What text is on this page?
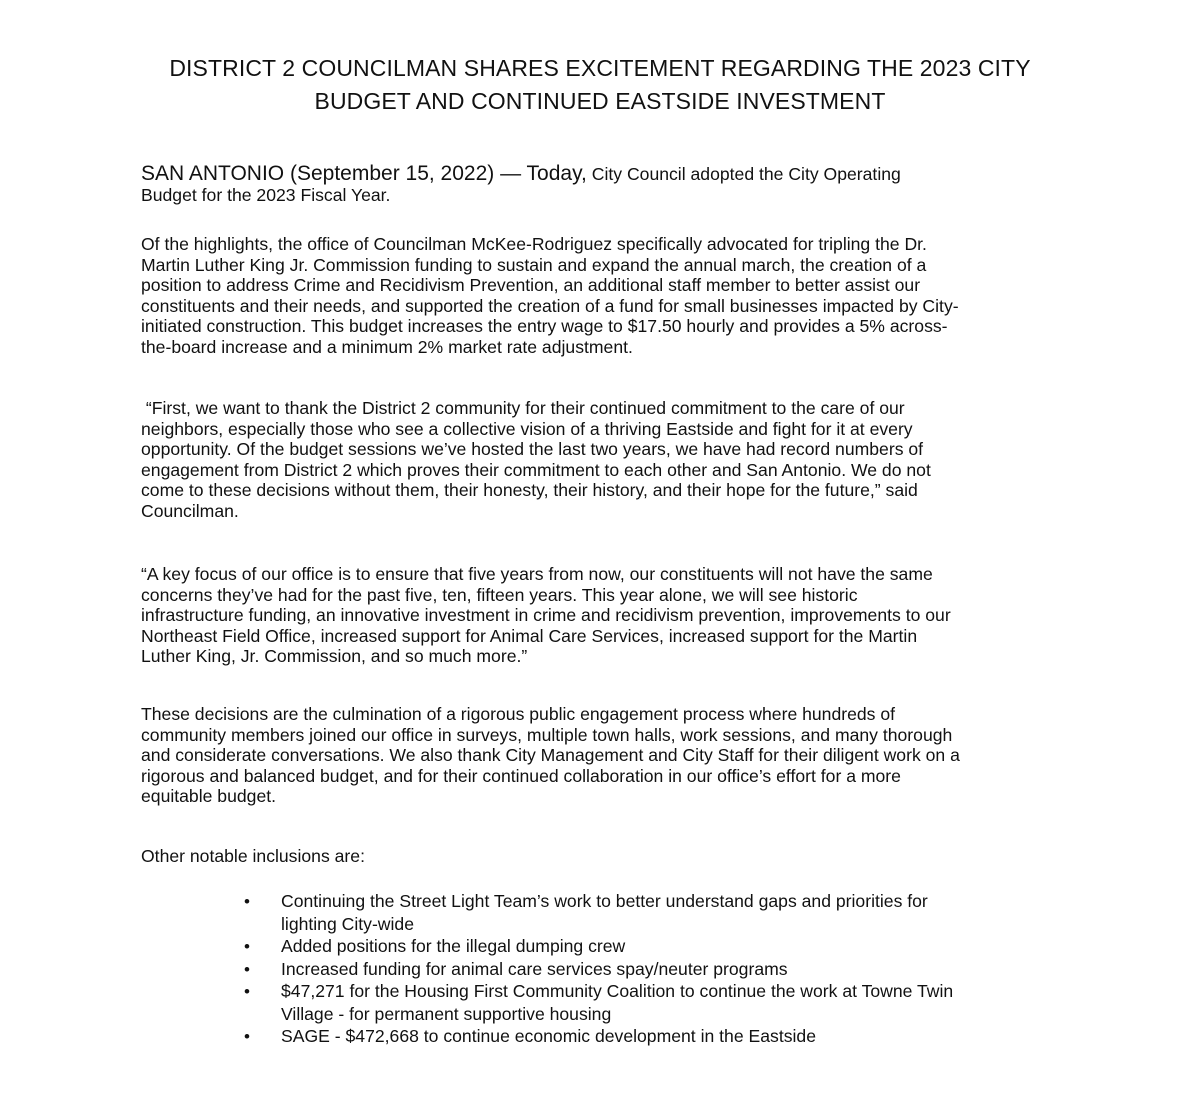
DISTRICT 2 COUNCILMAN SHARES EXCITEMENT REGARDING THE 2023 CITY
BUDGET AND CONTINUED EASTSIDE INVESTMENT

SAN ANTONIO (September 15, 2022) — Today, City Council adopted the City Operating
Budget for the 2023 Fiscal Year.

Of the highlights, the office of Councilman McKee-Rodriguez specifically advocated for tripling the Dr.
Martin Luther King Jr. Commission funding to sustain and expand the annual march, the creation of a
position to address Crime and Recidivism Prevention, an additional staff member to better assist our
constituents and their needs, and supported the creation of a fund for small businesses impacted by City-
initiated construction. This budget increases the entry wage to $17.50 hourly and provides a 5% across-
the-board increase and a minimum 2% market rate adjustment.

“First, we want to thank the District 2 community for their continued commitment to the care of our
neighbors, especially those who see a collective vision of a thriving Eastside and fight for it at every
opportunity. Of the budget sessions we’ve hosted the last two years, we have had record numbers of
engagement from District 2 which proves their commitment to each other and San Antonio. We do not
come to these decisions without them, their honesty, their history, and their hope for the future,” said
Councilman.

“A key focus of our office is to ensure that five years from now, our constituents will not have the same
concerns they’ve had for the past five, ten, fifteen years. This year alone, we will see historic
infrastructure funding, an innovative investment in crime and recidivism prevention, improvements to our
Northeast Field Office, increased support for Animal Care Services, increased support for the Martin
Luther King, Jr. Commission, and so much more.”

These decisions are the culmination of a rigorous public engagement process where hundreds of
community members joined our office in surveys, multiple town halls, work sessions, and many thorough
and considerate conversations. We also thank City Management and City Staff for their diligent work on a
rigorous and balanced budget, and for their continued collaboration in our office’s effort for a more
equitable budget.

Other notable inclusions are:

• Continuing the Street Light Team’s work to better understand gaps and priorities for
lighting City-wide
• Added positions for the illegal dumping crew
• Increased funding for animal care services spay/neuter programs
• $47,271 for the Housing First Community Coalition to continue the work at Towne Twin
Village - for permanent supportive housing
• SAGE - $472,668 to continue economic development in the Eastside
